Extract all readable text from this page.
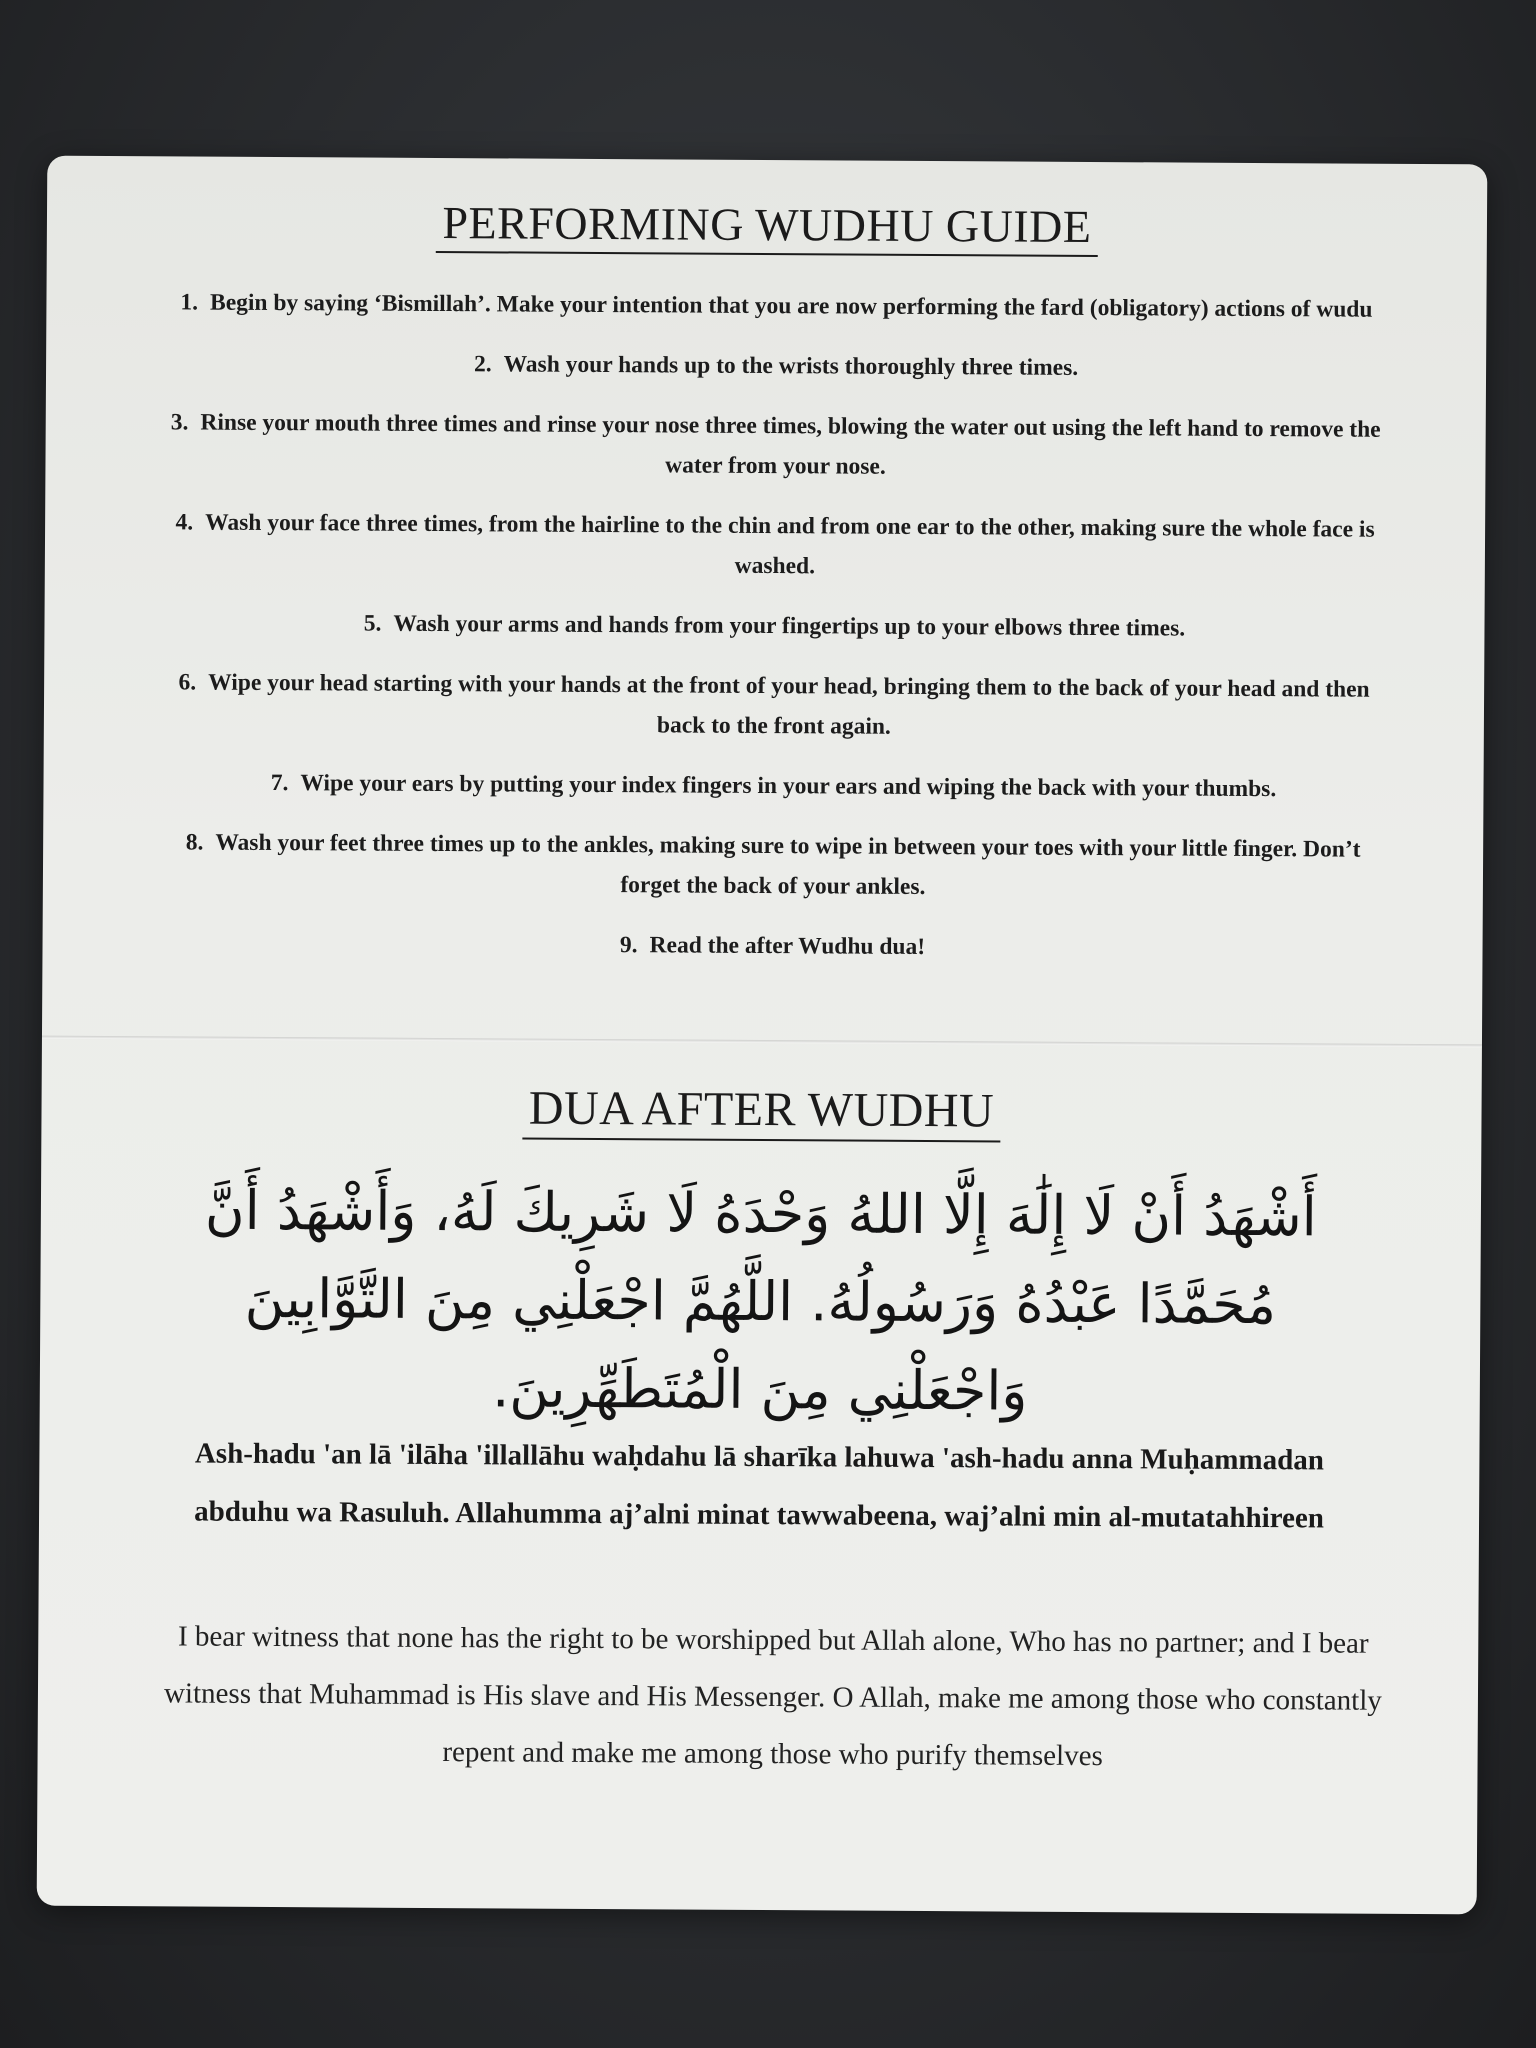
PERFORMING WUDHU GUIDE
1. Begin by saying ‘Bismillah’. Make your intention that you are now performing the fard (obligatory) actions of wudu
2. Wash your hands up to the wrists thoroughly three times.
3. Rinse your mouth three times and rinse your nose three times, blowing the water out using the left hand to remove the water from your nose.
4. Wash your face three times, from the hairline to the chin and from one ear to the other, making sure the whole face is washed.
5. Wash your arms and hands from your fingertips up to your elbows three times.
6. Wipe your head starting with your hands at the front of your head, bringing them to the back of your head and then back to the front again.
7. Wipe your ears by putting your index fingers in your ears and wiping the back with your thumbs.
8. Wash your feet three times up to the ankles, making sure to wipe in between your toes with your little finger. Don’t forget the back of your ankles.
9. Read the after Wudhu dua!
DUA AFTER WUDHU
أَشْهَدُ أَنْ لَا إِلَٰهَ إِلَّا اللهُ وَحْدَهُ لَا شَرِيكَ لَهُ، وَأَشْهَدُ أَنَّ مُحَمَّدًا عَبْدُهُ وَرَسُولُهُ. اللَّهُمَّ اجْعَلْنِي مِنَ التَّوَّابِينَ وَاجْعَلْنِي مِنَ الْمُتَطَهِّرِينَ.
Ash-hadu 'an lā 'ilāha 'illallāhu waḥdahu lā sharīka lahuwa 'ash-hadu anna Muḥammadan abduhu wa Rasuluh. Allahumma aj’alni minat tawwabeena, waj’alni min al-mutatahhireen
I bear witness that none has the right to be worshipped but Allah alone, Who has no partner; and I bear witness that Muhammad is His slave and His Messenger. O Allah, make me among those who constantly repent and make me among those who purify themselves
